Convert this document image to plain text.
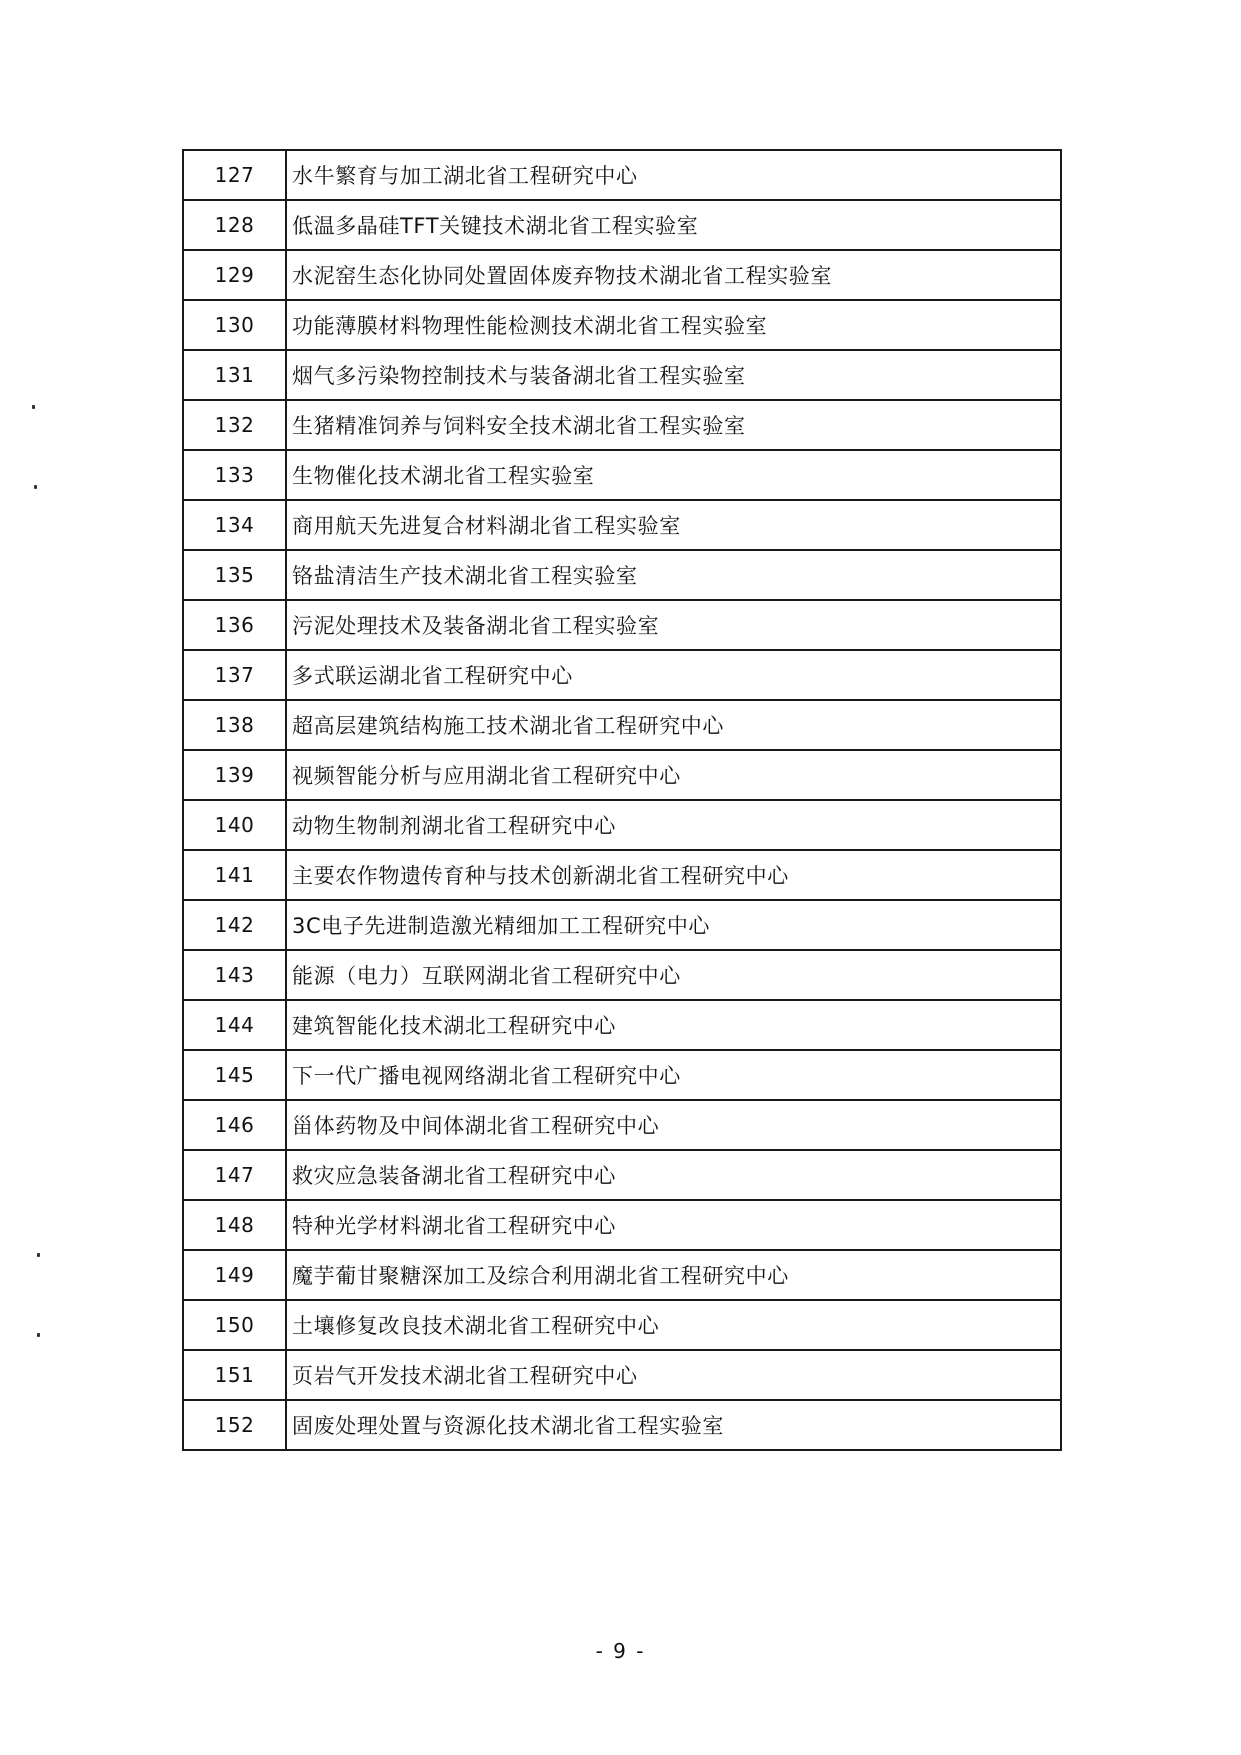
127	水牛繁育与加工湖北省工程研究中心
128	低温多晶硅TFT关键技术湖北省工程实验室
129	水泥窑生态化协同处置固体废弃物技术湖北省工程实验室
130	功能薄膜材料物理性能检测技术湖北省工程实验室
131	烟气多污染物控制技术与装备湖北省工程实验室
132	生猪精准饲养与饲料安全技术湖北省工程实验室
133	生物催化技术湖北省工程实验室
134	商用航天先进复合材料湖北省工程实验室
135	铬盐清洁生产技术湖北省工程实验室
136	污泥处理技术及装备湖北省工程实验室
137	多式联运湖北省工程研究中心
138	超高层建筑结构施工技术湖北省工程研究中心
139	视频智能分析与应用湖北省工程研究中心
140	动物生物制剂湖北省工程研究中心
141	主要农作物遗传育种与技术创新湖北省工程研究中心
142	3C电子先进制造激光精细加工工程研究中心
143	能源（电力）互联网湖北省工程研究中心
144	建筑智能化技术湖北工程研究中心
145	下一代广播电视网络湖北省工程研究中心
146	甾体药物及中间体湖北省工程研究中心
147	救灾应急装备湖北省工程研究中心
148	特种光学材料湖北省工程研究中心
149	魔芋葡甘聚糖深加工及综合利用湖北省工程研究中心
150	土壤修复改良技术湖北省工程研究中心
151	页岩气开发技术湖北省工程研究中心
152	固废处理处置与资源化技术湖北省工程实验室
- 9 -
